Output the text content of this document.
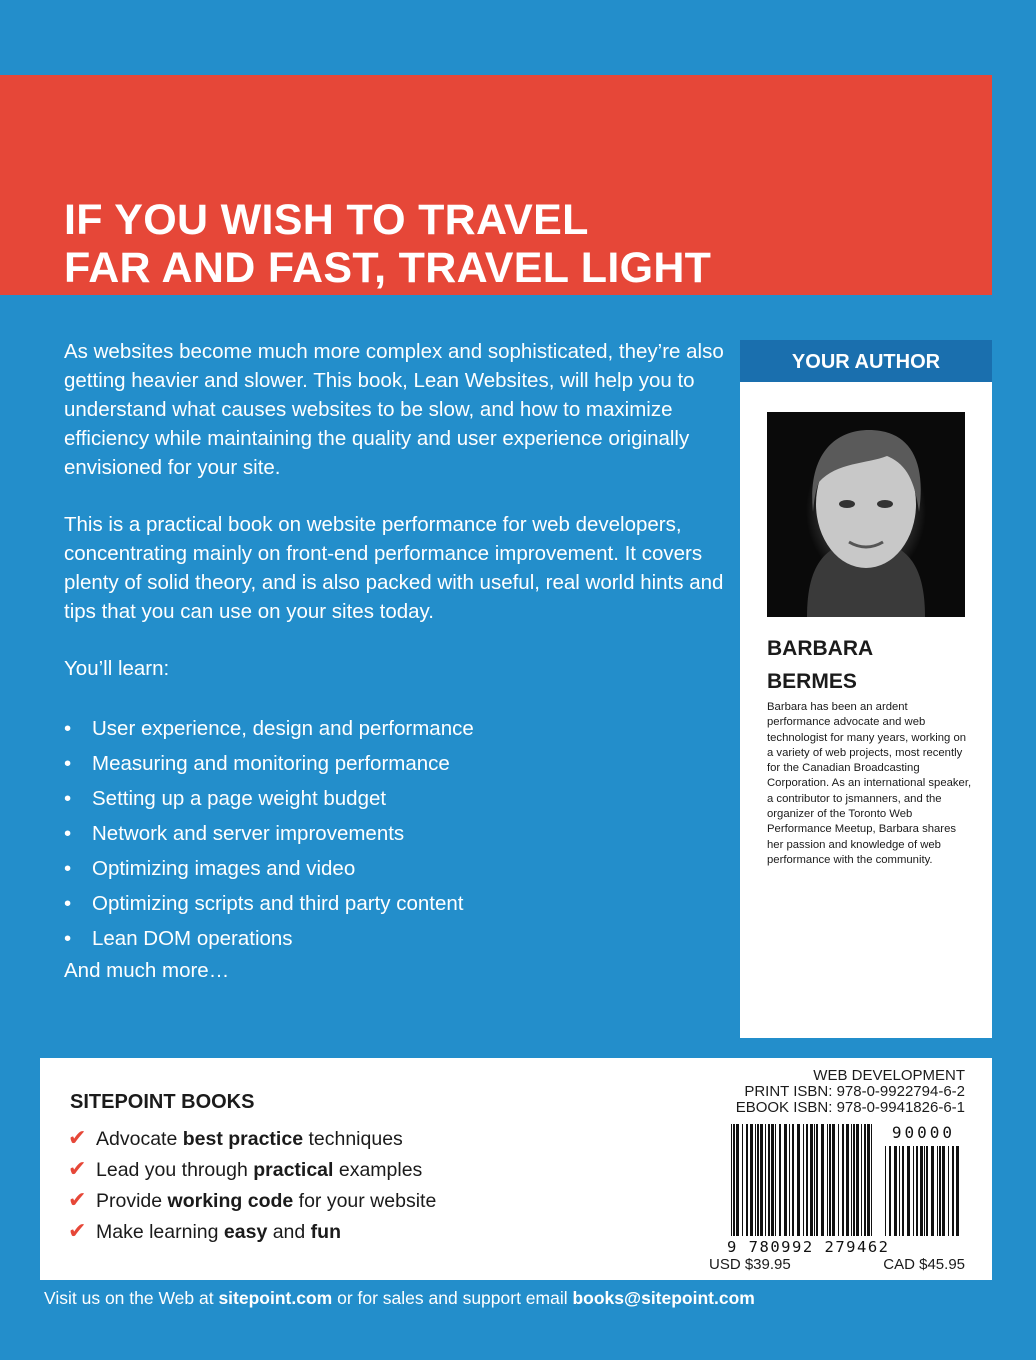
IF YOU WISH TO TRAVEL
FAR AND FAST, TRAVEL LIGHT

As websites become much more complex and sophisticated, they’re also getting heavier and slower. This book, Lean Websites, will help you to understand what causes websites to be slow, and how to maximize efficiency while maintaining the quality and user experience originally envisioned for your site.

This is a practical book on website performance for web developers, concentrating mainly on front-end performance improvement. It covers plenty of solid theory, and is also packed with useful, real world hints and tips that you can use on your sites today.

You’ll learn:

• User experience, design and performance
• Measuring and monitoring performance
• Setting up a page weight budget
• Network and server improvements
• Optimizing images and video
• Optimizing scripts and third party content
• Lean DOM operations

And much more…

YOUR AUTHOR
BARBARA
BERMES
Barbara has been an ardent performance advocate and web technologist for many years, working on a variety of web projects, most recently for the Canadian Broadcasting Corporation. As an international speaker, a contributor to jsmanners, and the organizer of the Toronto Web Performance Meetup, Barbara shares her passion and knowledge of web performance with the community.
SITEPOINT BOOKS
✔ Advocate best practice techniques
✔ Lead you through practical examples
✔ Provide working code for your website
✔ Make learning easy and fun
WEB DEVELOPMENT
PRINT ISBN: 978-0-9922794-6-2
EBOOK ISBN: 978-0-9941826-6-1
90000
9 780992 279462
USD $39.95	CAD $45.95
Visit us on the Web at sitepoint.com or for sales and support email books@sitepoint.com
